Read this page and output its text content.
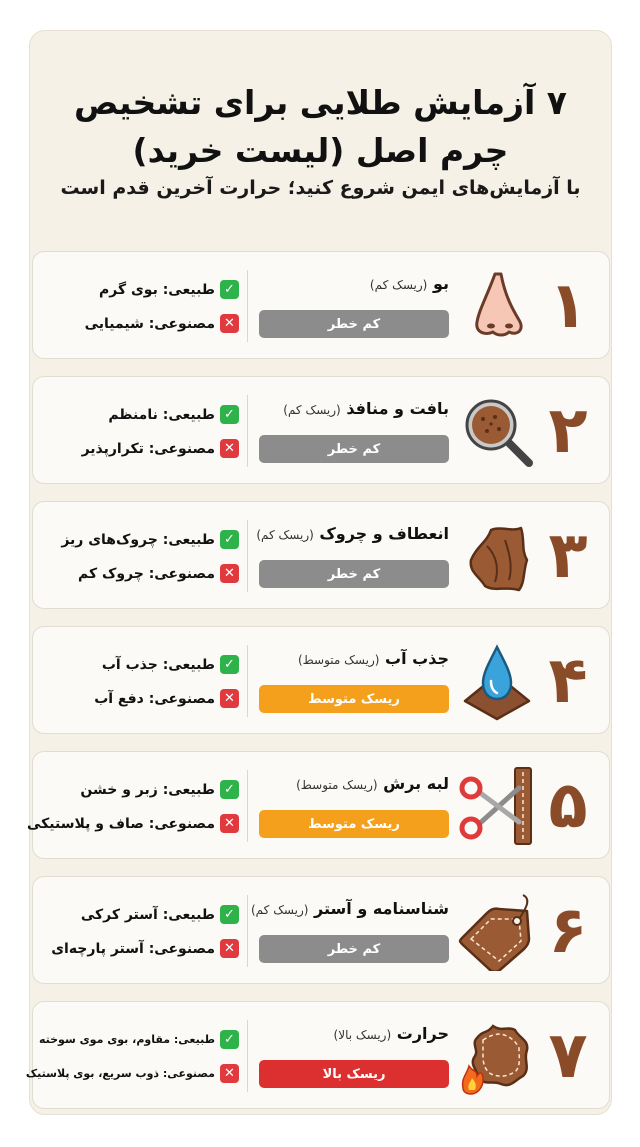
۷ آزمایش طلایی برای تشخیص
چرم اصل (لیست خرید)
با آزمایش‌های ایمن شروع کنید؛ حرارت آخرین قدم است
۱
بو (ریسک کم)
کم خطر
✓
طبیعی: بوی گرم
✕
مصنوعی: شیمیایی
۲
بافت و منافذ (ریسک کم)
کم خطر
✓
طبیعی: نامنظم
✕
مصنوعی: تکرارپذیر
۳
انعطاف و چروک (ریسک کم)
کم خطر
✓
طبیعی: چروک‌های ریز
✕
مصنوعی: چروک کم
۴
جذب آب (ریسک متوسط)
ریسک متوسط
✓
طبیعی: جذب آب
✕
مصنوعی: دفع آب
۵
لبه برش (ریسک متوسط)
ریسک متوسط
✓
طبیعی: زبر و خشن
✕
مصنوعی: صاف و پلاستیکی
۶
شناسنامه و آستر (ریسک کم)
کم خطر
✓
طبیعی: آستر کرکی
✕
مصنوعی: آستر پارچه‌ای
۷
حرارت (ریسک بالا)
ریسک بالا
✓
طبیعی: مقاوم، بوی موی سوخته
✕
مصنوعی: ذوب سریع، بوی پلاستیک
